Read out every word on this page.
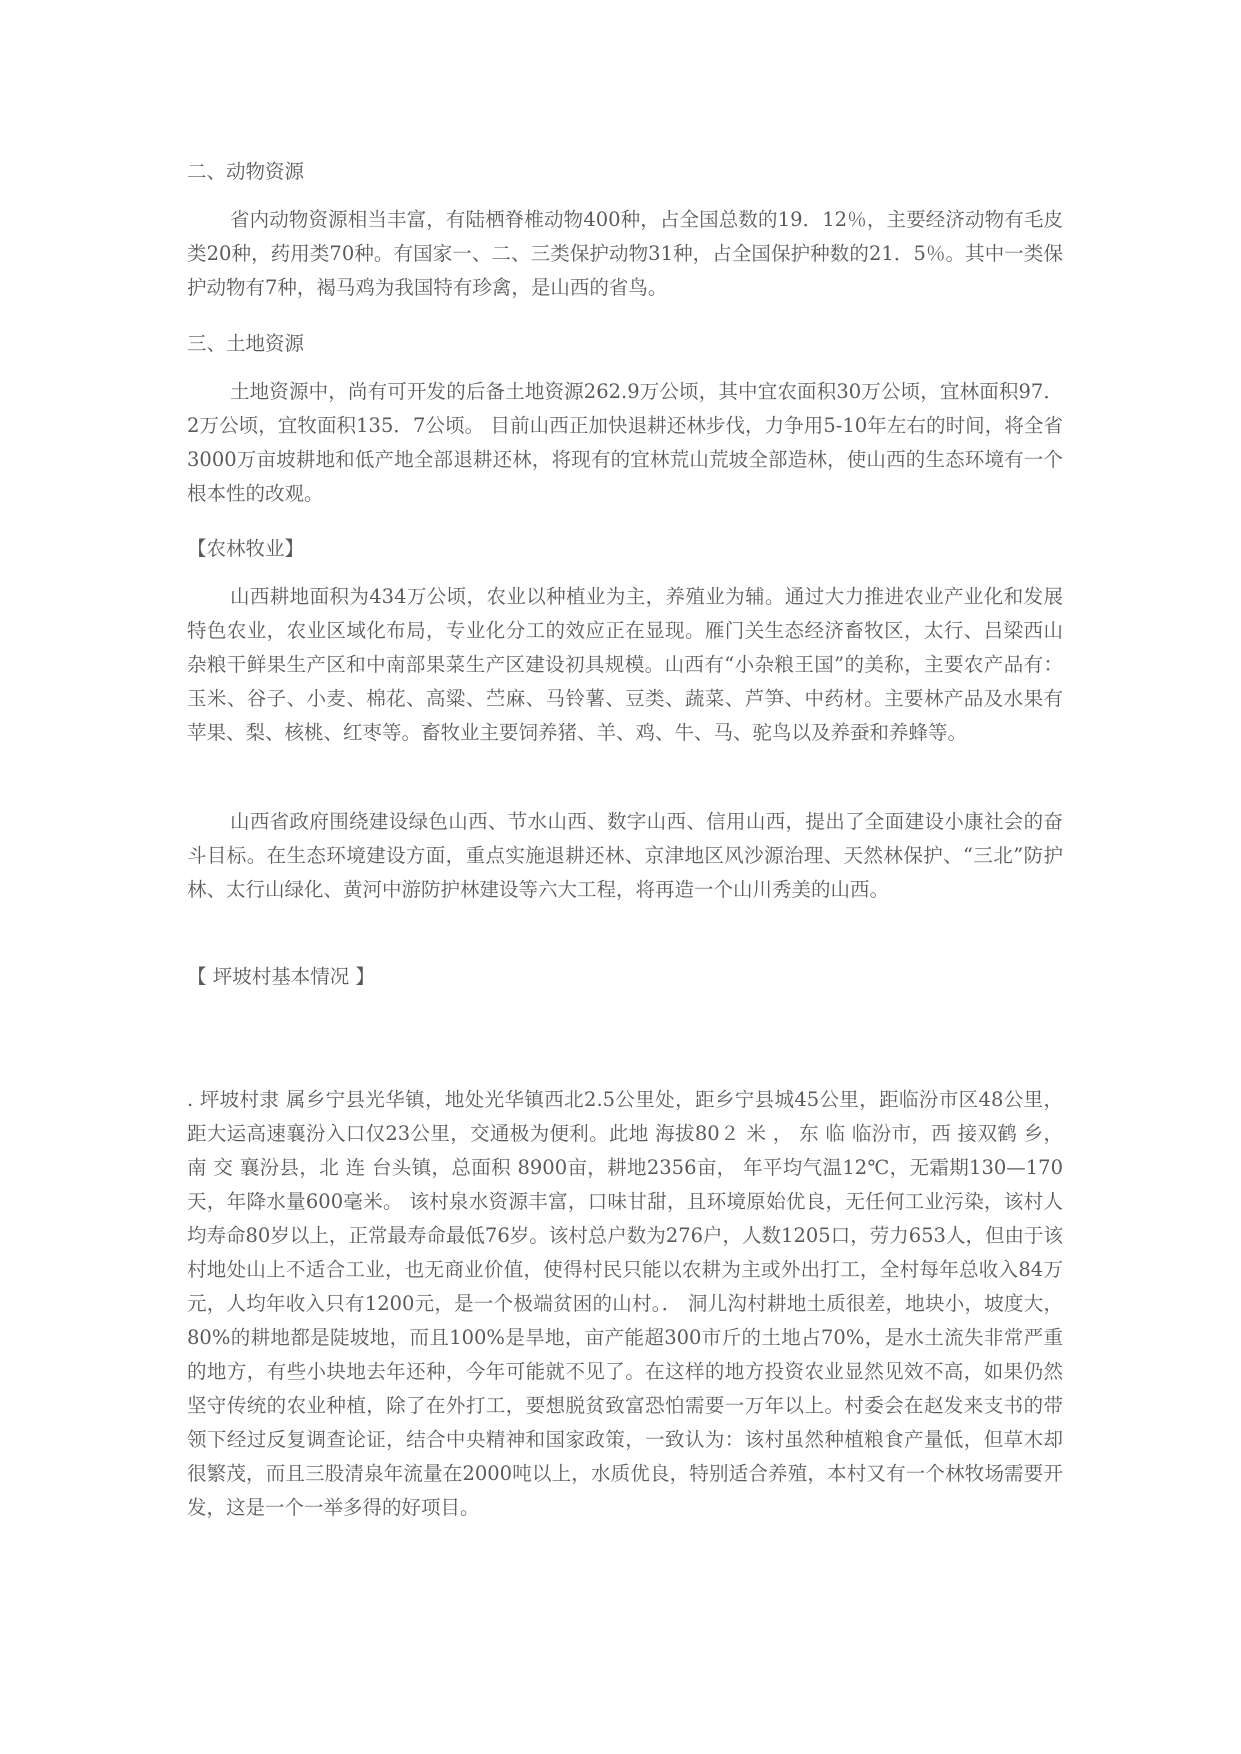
二、动物资源

省内动物资源相当丰富，有陆栖脊椎动物400种，占全国总数的19．12％，主要经济动物有毛皮类20种，药用类70种。有国家一、二、三类保护动物31种，占全国保护种数的21．5％。其中一类保护动物有7种，褐马鸡为我国特有珍禽，是山西的省鸟。

三、土地资源

土地资源中，尚有可开发的后备土地资源262.9万公顷，其中宜农面积30万公顷，宜林面积97．2万公顷，宜牧面积135．7公顷。 目前山西正加快退耕还林步伐，力争用5-10年左右的时间，将全省3000万亩坡耕地和低产地全部退耕还林，将现有的宜林荒山荒坡全部造林，使山西的生态环境有一个根本性的改观。

【农林牧业】

山西耕地面积为434万公顷，农业以种植业为主，养殖业为辅。通过大力推进农业产业化和发展特色农业，农业区域化布局，专业化分工的效应正在显现。雁门关生态经济畜牧区，太行、吕梁西山杂粮干鲜果生产区和中南部果菜生产区建设初具规模。山西有“小杂粮王国”的美称，主要农产品有：玉米、谷子、小麦、棉花、高粱、苎麻、马铃薯、豆类、蔬菜、芦笋、中药材。主要林产品及水果有苹果、梨、核桃、红枣等。畜牧业主要饲养猪、羊、鸡、牛、马、驼鸟以及养蚕和养蜂等。

山西省政府围绕建设绿色山西、节水山西、数字山西、信用山西，提出了全面建设小康社会的奋斗目标。在生态环境建设方面，重点实施退耕还林、京津地区风沙源治理、天然林保护、“三北”防护林、太行山绿化、黄河中游防护林建设等六大工程，将再造一个山川秀美的山西。

【 坪坡村基本情况 】

. 坪坡村隶 属乡宁县光华镇，地处光华镇西北2.5公里处，距乡宁县城45公里，距临汾市区48公里，距大运高速襄汾入口仅23公里，交通极为便利。此地 海拔80２ 米 ， 东 临 临汾市，西 接双鹤 乡，南 交 襄汾县，北 连 台头镇，总面积 8900亩，耕地2356亩， 年平均气温12℃，无霜期130—170天，年降水量600毫米。 该村泉水资源丰富，口味甘甜，且环境原始优良，无任何工业污染，该村人均寿命80岁以上，正常最寿命最低76岁。该村总户数为276户，人数1205口，劳力653人，但由于该村地处山上不适合工业，也无商业价值，使得村民只能以农耕为主或外出打工，全村每年总收入84万元，人均年收入只有1200元，是一个极端贫困的山村。． 洞儿沟村耕地土质很差，地块小，坡度大，80%的耕地都是陡坡地，而且100%是旱地，亩产能超300市斤的土地占70%，是水土流失非常严重的地方，有些小块地去年还种，今年可能就不见了。在这样的地方投资农业显然见效不高，如果仍然坚守传统的农业种植，除了在外打工，要想脱贫致富恐怕需要一万年以上。村委会在赵发来支书的带领下经过反复调查论证，结合中央精神和国家政策，一致认为：该村虽然种植粮食产量低，但草木却很繁茂，而且三股清泉年流量在2000吨以上，水质优良，特别适合养殖，本村又有一个林牧场需要开发，这是一个一举多得的好项目。
